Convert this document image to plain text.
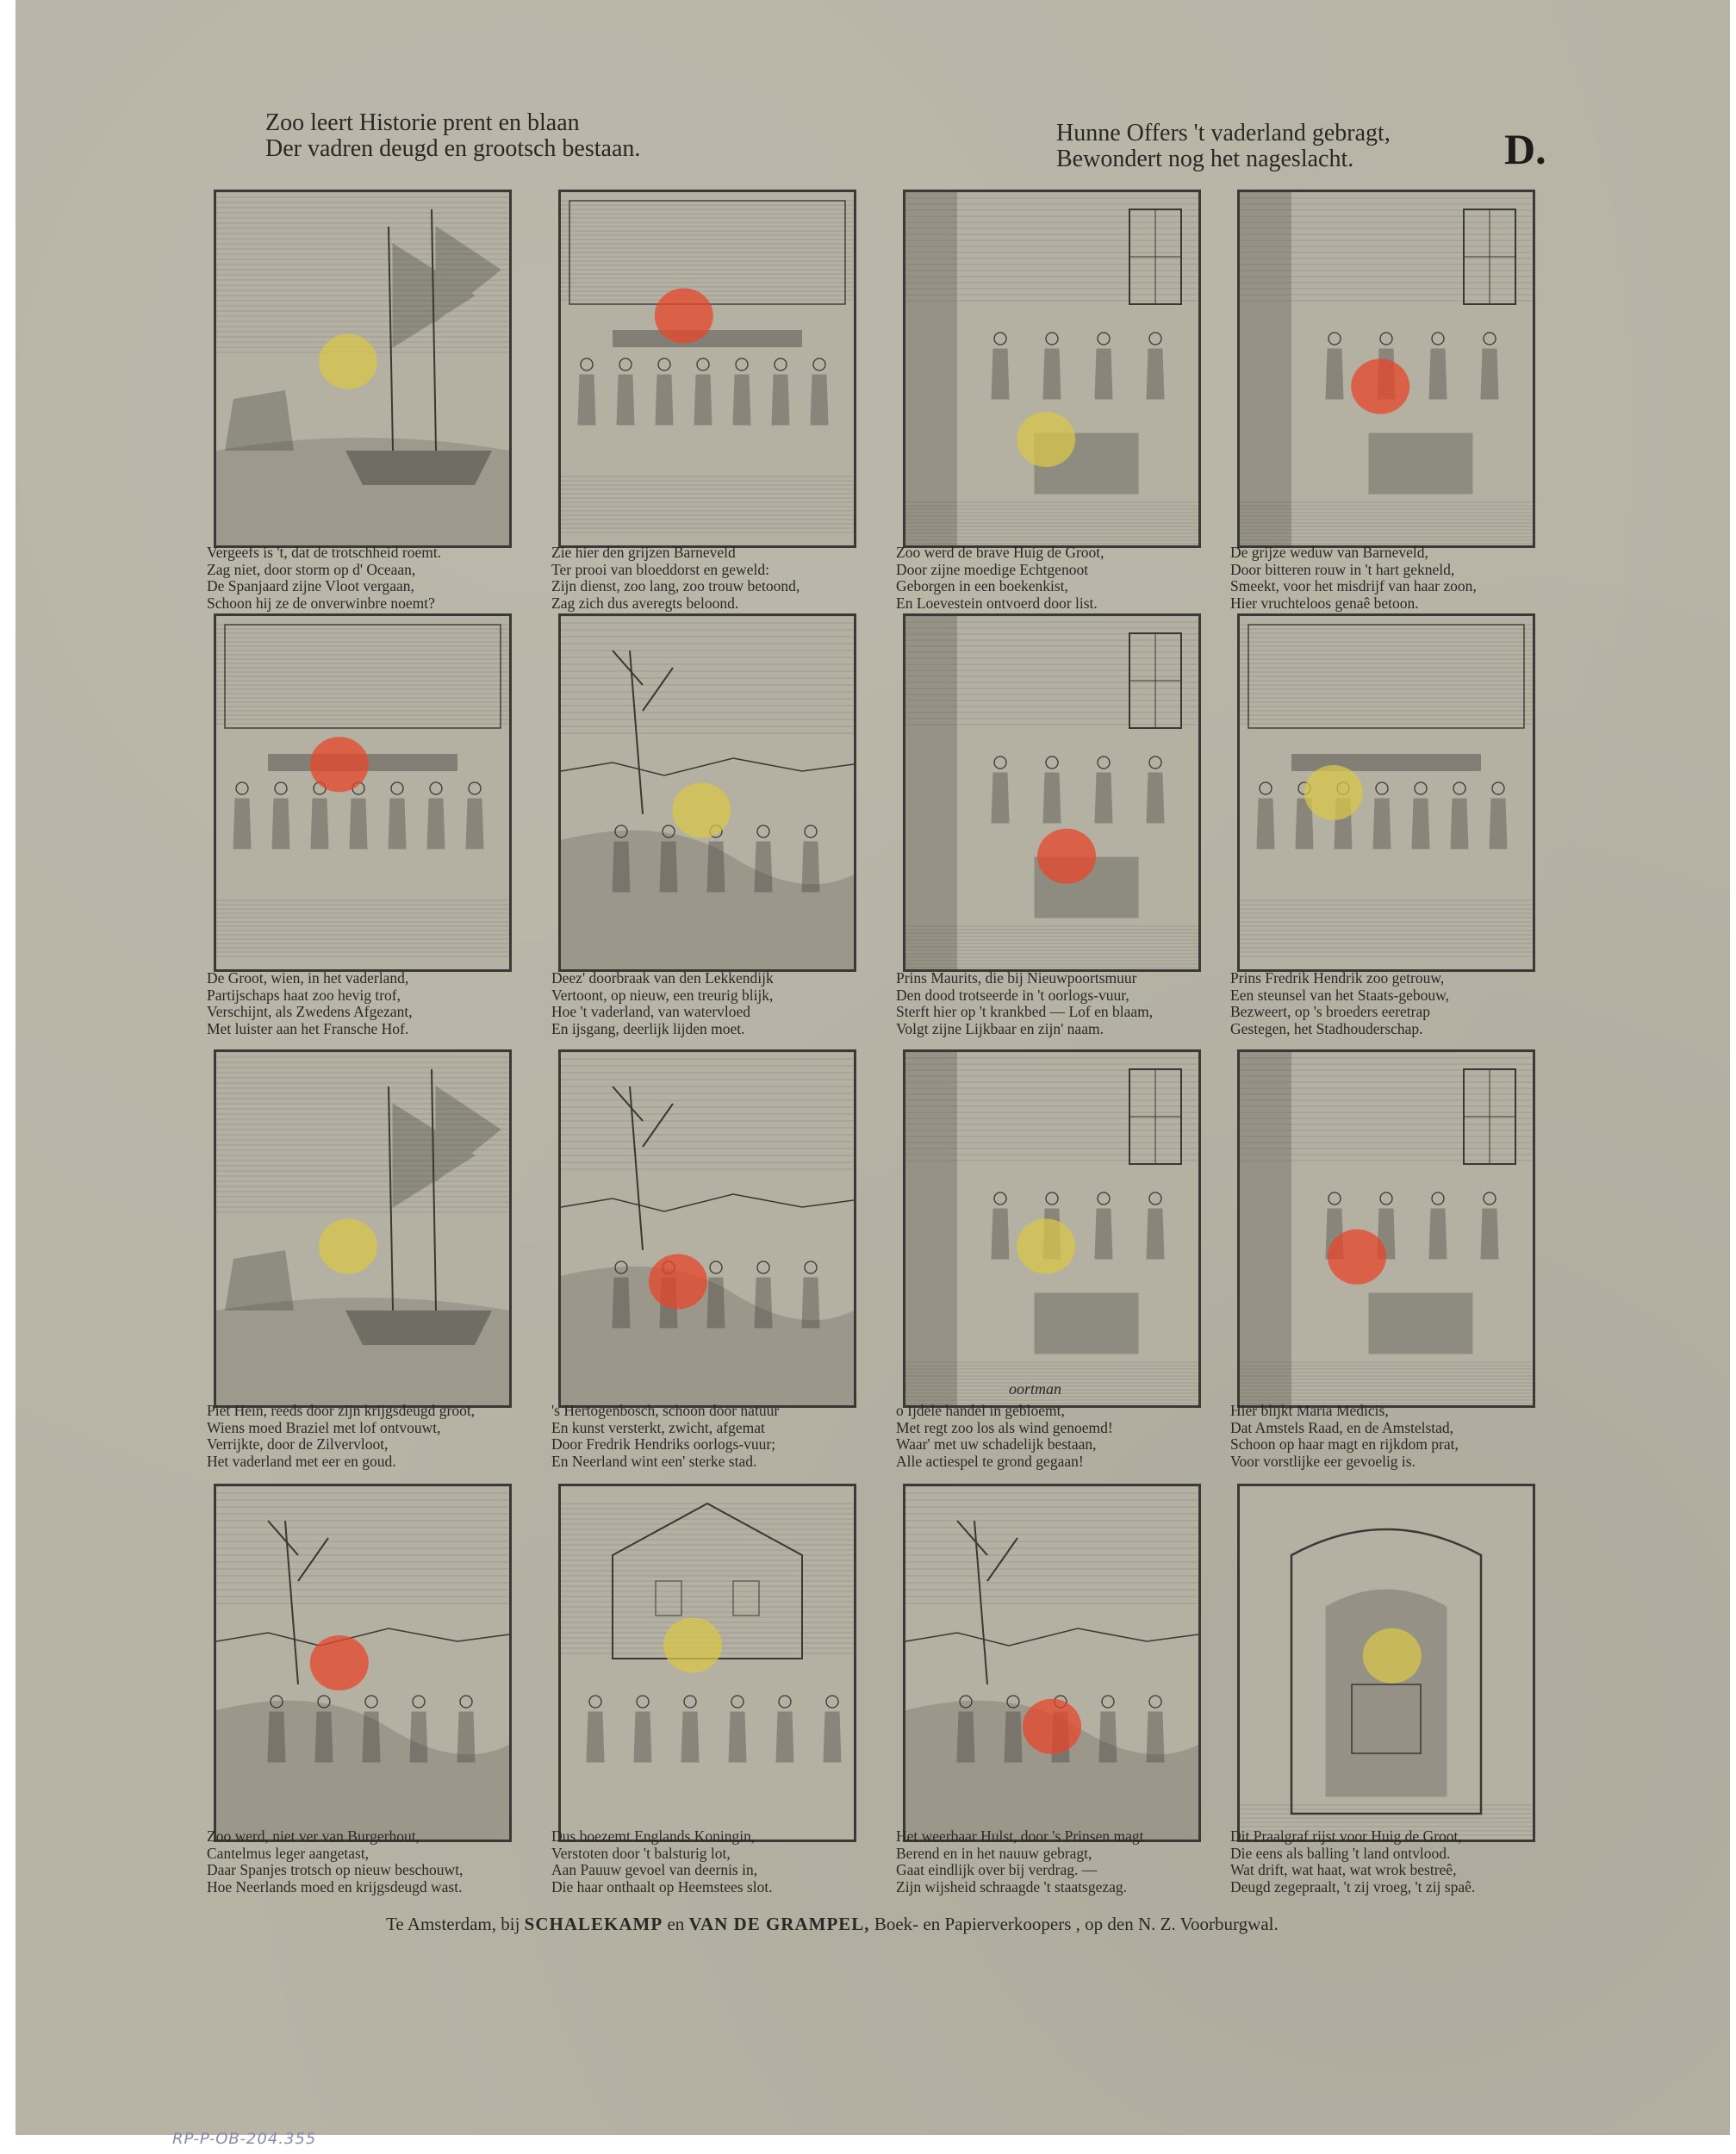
Zoo leert Historie prent en blaan
Der vadren deugd en grootsch bestaan.
Hunne Offers 't vaderland gebragt,
Bewondert nog het nageslacht.	D.
Vergeefs is 't, dat de trotschheid roemt.
Zag niet, door storm op d' Oceaan,
De Spanjaard zijne Vloot vergaan,
Schoon hij ze de onverwinbre noemt?
Zie hier den grijzen Barneveld
Ter prooi van bloeddorst en geweld:
Zijn dienst, zoo lang, zoo trouw betoond,
Zag zich dus averegts beloond.
Zoo werd de brave Huig de Groot,
Door zijne moedige Echtgenoot
Geborgen in een boekenkist,
En Loevestein ontvoerd door list.
De grijze weduw van Barneveld,
Door bitteren rouw in 't hart gekneld,
Smeekt, voor het misdrijf van haar zoon,
Hier vruchteloos genaê betoon.
De Groot, wien, in het vaderland,
Partijschaps haat zoo hevig trof,
Verschijnt, als Zwedens Afgezant,
Met luister aan het Fransche Hof.
Deez' doorbraak van den Lekkendijk
Vertoont, op nieuw, een treurig blijk,
Hoe 't vaderland, van watervloed
En ijsgang, deerlijk lijden moet.
Prins Maurits, die bij Nieuwpoortsmuur
Den dood trotseerde in 't oorlogs-vuur,
Sterft hier op 't krankbed — Lof en blaam,
Volgt zijne Lijkbaar en zijn' naam.
Prins Fredrik Hendrik zoo getrouw,
Een steunsel van het Staats-gebouw,
Bezweert, op 's broeders eeretrap
Gestegen, het Stadhouderschap.
Piet Hein, reeds door zijn krijgsdeugd groot,
Wiens moed Braziel met lof ontvouwt,
Verrijkte, door de Zilvervloot,
Het vaderland met eer en goud.
's Hertogenbosch, schoon door natuur
En kunst versterkt, zwicht, afgemat
Door Fredrik Hendriks oorlogs-vuur;
En Neerland wint een' sterke stad.
oortman
o Ijdele handel in gebloemt,
Met regt zoo los als wind genoemd!
Waar' met uw schadelijk bestaan,
Alle actiespel te grond gegaan!
Hier blijkt Maria Medicis,
Dat Amstels Raad, en de Amstelstad,
Schoon op haar magt en rijkdom prat,
Voor vorstlijke eer gevoelig is.
Zoo werd, niet ver van Burgerhout,
Cantelmus leger aangetast,
Daar Spanjes trotsch op nieuw beschouwt,
Hoe Neerlands moed en krijgsdeugd wast.
Dus boezemt Englands Koningin,
Verstoten door 't balsturig lot,
Aan Pauuw gevoel van deernis in,
Die haar onthaalt op Heemstees slot.
Het weerbaar Hulst, door 's Prinsen magt
Berend en in het nauuw gebragt,
Gaat eindlijk over bij verdrag. —
Zijn wijsheid schraagde 't staatsgezag.
Dit Praalgraf rijst voor Huig de Groot,
Die eens als balling 't land ontvlood.
Wat drift, wat haat, wat wrok bestreê,
Deugd zegepraalt, 't zij vroeg, 't zij spaê.
Te Amsterdam, bij SCHALEKAMP en VAN DE GRAMPEL, Boek- en Papierverkoopers , op den N. Z. Voorburgwal.
RP-P-OB-204.355
